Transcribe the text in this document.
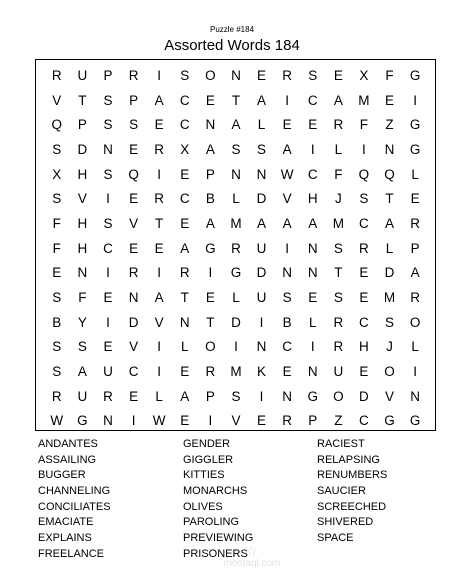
Puzzle #184
Assorted Words 184
R	U	P	R	I	S	O	N	E	R	S	E	X	F	G
V	T	S	P	A	C	E	T	A	I	C	A	M	E	I
Q	P	S	S	E	C	N	A	L	E	E	R	F	Z	G
S	D	N	E	R	X	A	S	S	A	I	L	I	N	G
X	H	S	Q	I	E	P	N	N	W	C	F	Q	Q	L
S	V	I	E	R	C	B	L	D	V	H	J	S	T	E
F	H	S	V	T	E	A	M	A	A	A	M	C	A	R
F	H	C	E	E	A	G	R	U	I	N	S	R	L	P
E	N	I	R	I	R	I	G	D	N	N	T	E	D	A
S	F	E	N	A	T	E	L	U	S	E	S	E	M	R
B	Y	I	D	V	N	T	D	I	B	L	R	C	S	O
S	S	E	V	I	L	O	I	N	C	I	R	H	J	L
S	A	U	C	I	E	R	M	K	E	N	U	E	O	I
R	U	R	E	L	A	P	S	I	N	G	O	D	V	N
W	G	N	I	W	E	I	V	E	R	P	Z	C	G	G
ANDANTES
ASSAILING
BUGGER
CHANNELING
CONCILIATES
EMACIATE
EXPLAINS
FREELANCE
GENDER
GIGGLER
KITTIES
MONARCHS
OLIVES
PAROLING
PREVIEWING
PRISONERS
RACIEST
RELAPSING
RENUMBERS
SAUCIER
SCREECHED
SHIVERED
SPACE
存
mostaql.com
